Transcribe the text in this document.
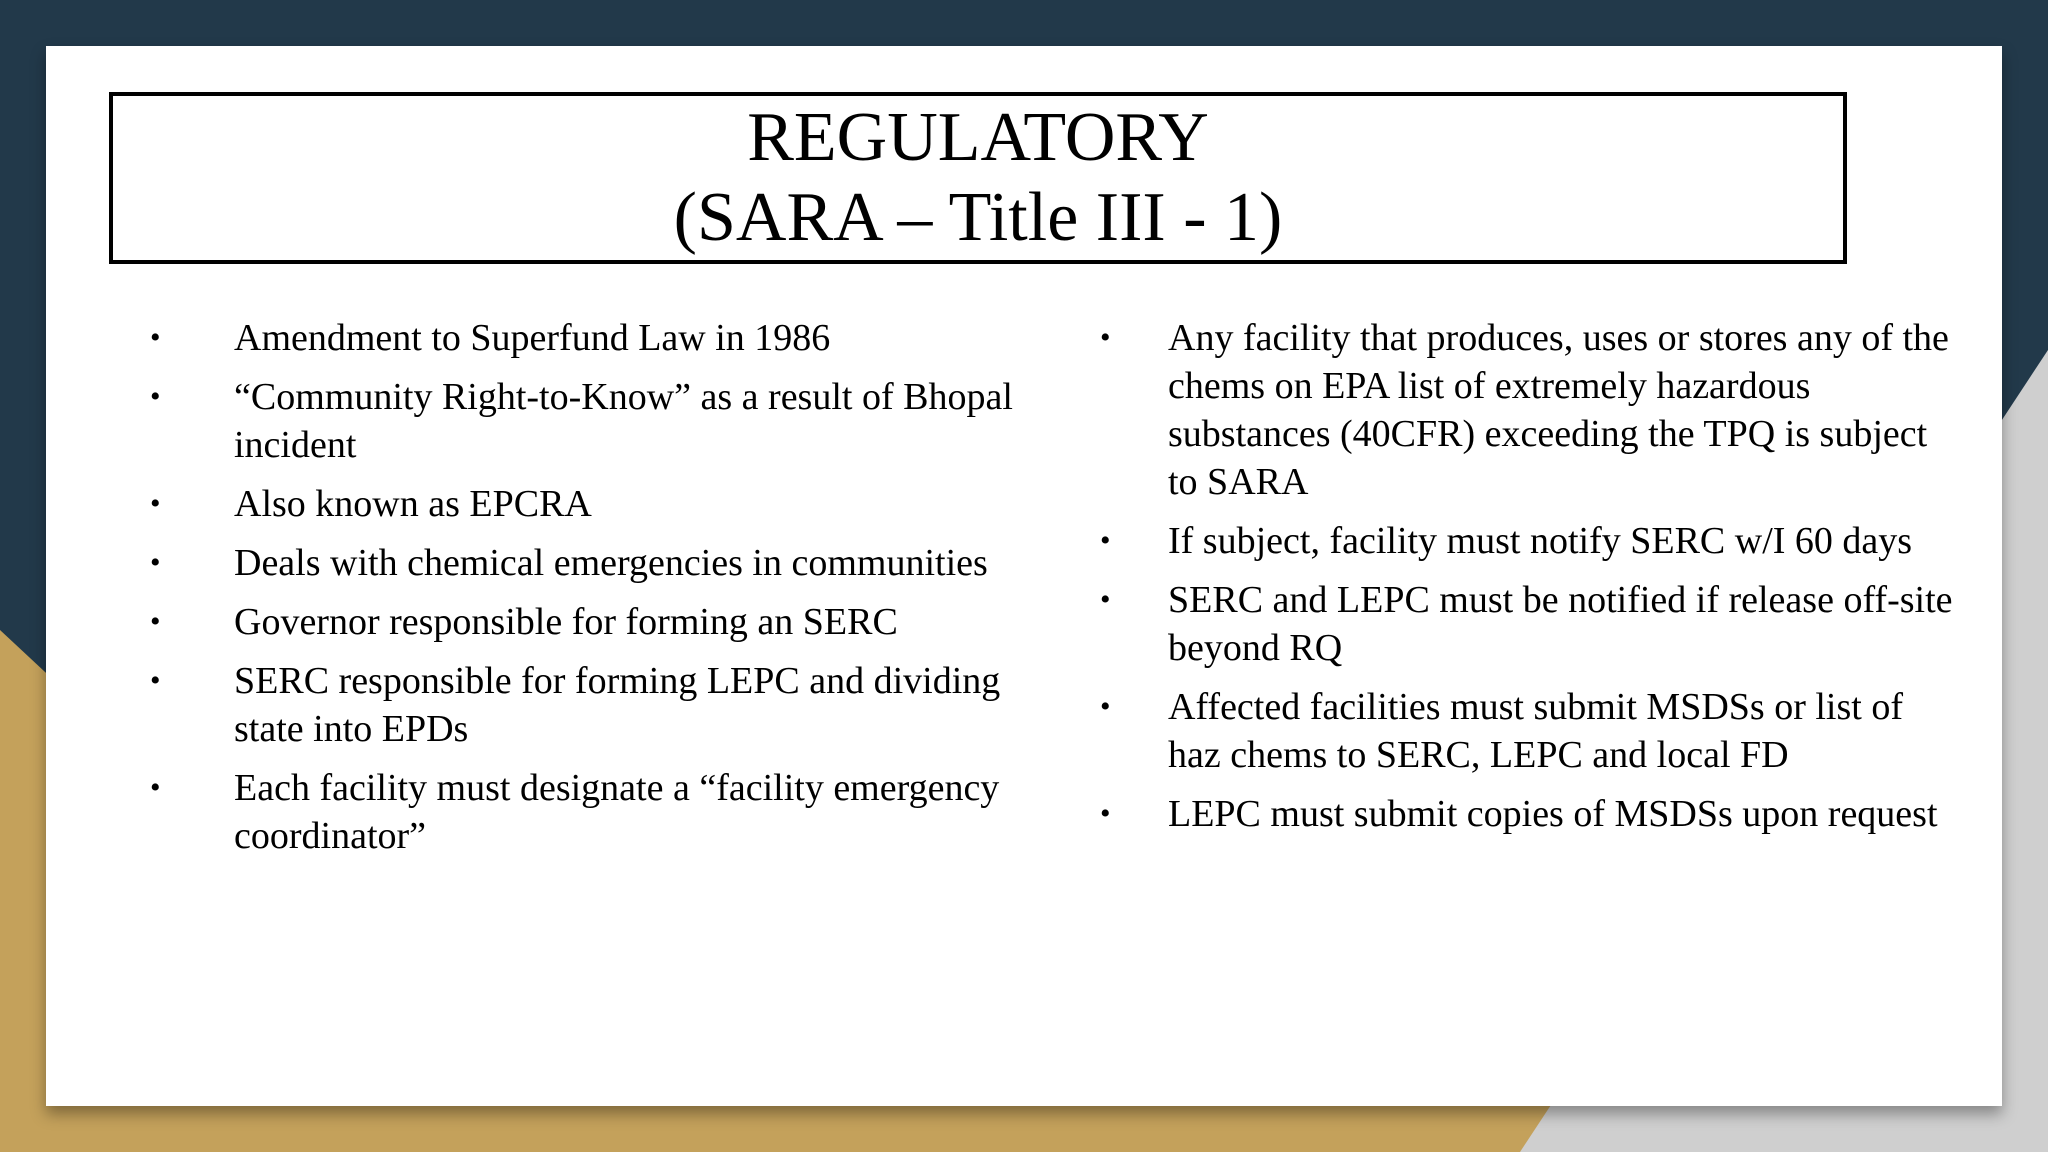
REGULATORY
(SARA – Title III - 1)
• Amendment to Superfund Law in 1986
• “Community Right-to-Know” as a result of Bhopal incident
• Also known as EPCRA
• Deals with chemical emergencies in communities
• Governor responsible for forming an SERC
• SERC responsible for forming LEPC and dividing state into EPDs
• Each facility must designate a “facility emergency coordinator”
• Any facility that produces, uses or stores any of the chems on EPA list of extremely hazardous substances (40CFR) exceeding the TPQ is subject to SARA
• If subject, facility must notify SERC w/I 60 days
• SERC and LEPC must be notified if release off-site beyond RQ
• Affected facilities must submit MSDSs or list of haz chems to SERC, LEPC and local FD
• LEPC must submit copies of MSDSs upon request
